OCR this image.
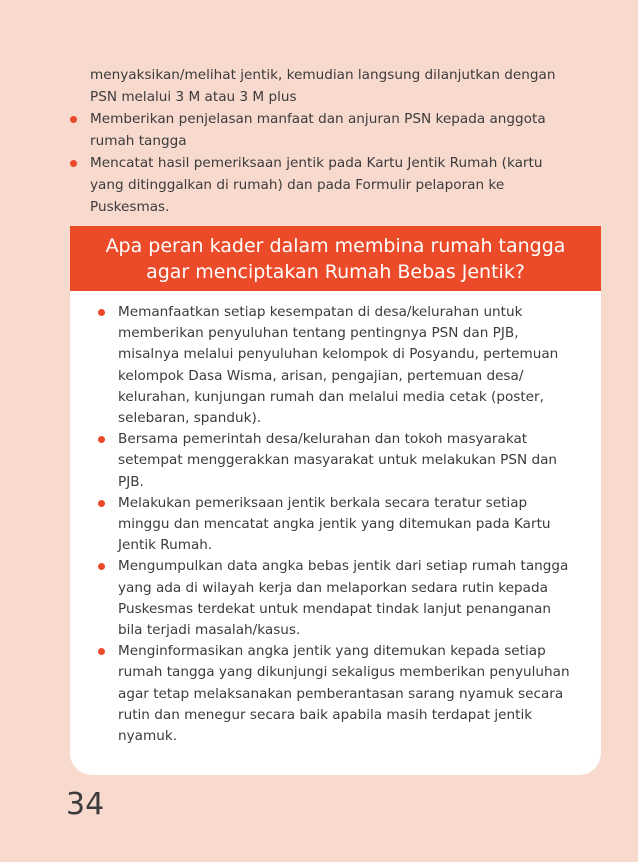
menyaksikan/melihat jentik, kemudian langsung dilanjutkan dengan PSN melalui 3 M atau 3 M plus
Memberikan penjelasan manfaat dan anjuran PSN kepada anggota rumah tangga
Mencatat hasil pemeriksaan jentik pada Kartu Jentik Rumah (kartu yang ditinggalkan di rumah) dan pada Formulir pelaporan ke Puskesmas.
Apa peran kader dalam membina rumah tangga
agar menciptakan Rumah Bebas Jentik?
Memanfaatkan setiap kesempatan di desa/kelurahan untuk memberikan penyuluhan tentang pentingnya PSN dan PJB, misalnya melalui penyuluhan kelompok di Posyandu, pertemuan kelompok Dasa Wisma, arisan, pengajian, pertemuan desa/ kelurahan, kunjungan rumah dan melalui media cetak (poster, selebaran, spanduk).
Bersama pemerintah desa/kelurahan dan tokoh masyarakat setempat menggerakkan masyarakat untuk melakukan PSN dan PJB.
Melakukan pemeriksaan jentik berkala secara teratur setiap minggu dan mencatat angka jentik yang ditemukan pada Kartu Jentik Rumah.
Mengumpulkan data angka bebas jentik dari setiap rumah tangga yang ada di wilayah kerja dan melaporkan sedara rutin kepada Puskesmas terdekat untuk mendapat tindak lanjut penanganan bila terjadi masalah/kasus.
Menginformasikan angka jentik yang ditemukan kepada setiap rumah tangga yang dikunjungi sekaligus memberikan penyuluhan agar tetap melaksanakan pemberantasan sarang nyamuk secara rutin dan menegur secara baik apabila masih terdapat jentik nyamuk.
34
